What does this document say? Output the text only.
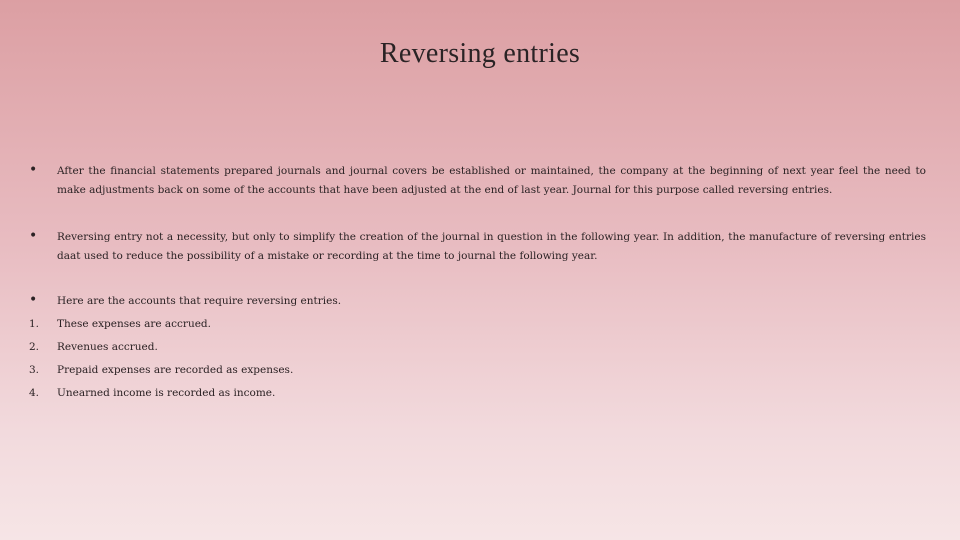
Reversing entries
•	After the financial statements prepared journals and journal covers be established or maintained, the company at the beginning of next year feel the need to make adjustments back on some of the accounts that have been adjusted at the end of last year. Journal for this purpose called reversing entries.
•	Reversing entry not a necessity, but only to simplify the creation of the journal in question in the following year. In addition, the manufacture of reversing entries daat used to reduce the possibility of a mistake or recording at the time to journal the following year.
•	Here are the accounts that require reversing entries.
1.	These expenses are accrued.
2.	Revenues accrued.
3.	Prepaid expenses are recorded as expenses.
4.	Unearned income is recorded as income.
